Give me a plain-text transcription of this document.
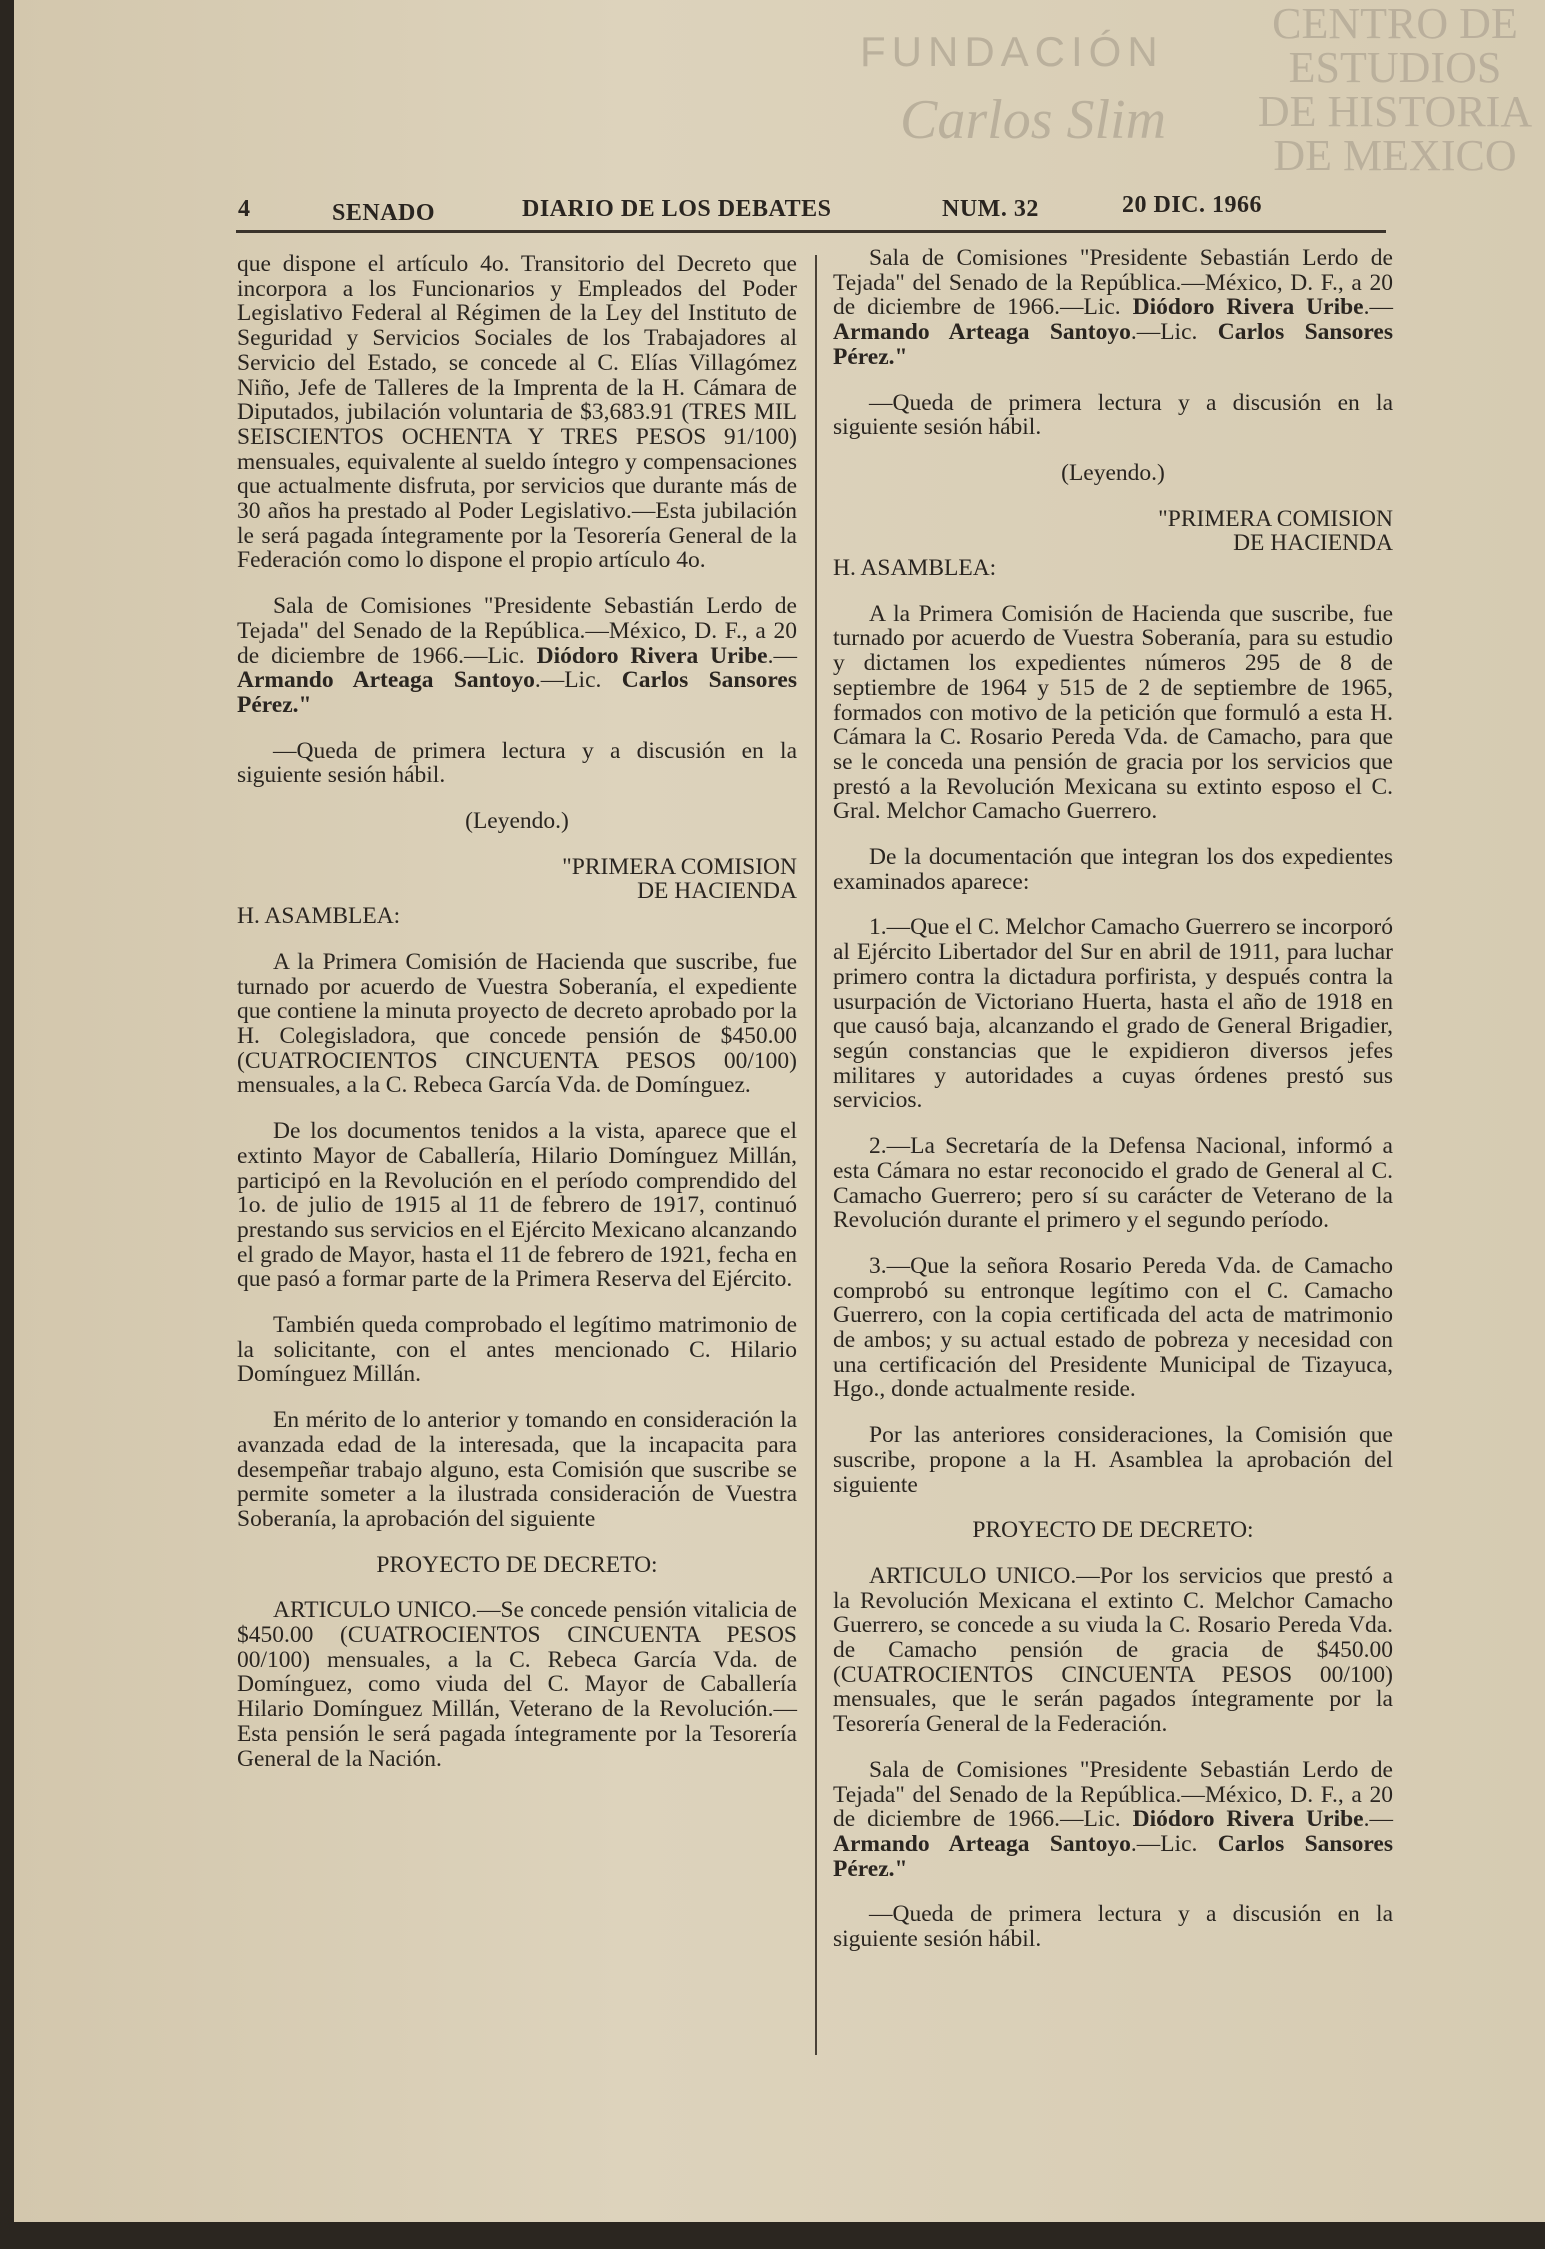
CENTRO DE
ESTUDIOS
DE HISTORIA
DE MEXICO
FUNDACIÓN
Carlos Slim
4	SENADO	DIARIO DE LOS DEBATES	NUM. 32	20 DIC. 1966

que dispone el artículo 4o. Transitorio del Decreto que incorpora a los Funcionarios y Empleados del Poder Legislativo Federal al Régimen de la Ley del Instituto de Seguridad y Servicios Sociales de los Trabajadores al Servicio del Estado, se concede al C. Elías Villagómez Niño, Jefe de Talleres de la Imprenta de la H. Cámara de Diputados, jubilación voluntaria de $3,683.91 (TRES MIL SEISCIENTOS OCHENTA Y TRES PESOS 91/100) mensuales, equivalente al sueldo íntegro y compensaciones que actualmente disfruta, por servicios que durante más de 30 años ha prestado al Poder Legislativo.—Esta jubilación le será pagada íntegramente por la Tesorería General de la Federación como lo dispone el propio artículo 4o.

Sala de Comisiones "Presidente Sebastián Lerdo de Tejada" del Senado de la República.—México, D. F., a 20 de diciembre de 1966.—Lic. Diódoro Rivera Uribe.—Armando Arteaga Santoyo.—Lic. Carlos Sansores Pérez."

—Queda de primera lectura y a discusión en la siguiente sesión hábil.

(Leyendo.)

"PRIMERA COMISION

DE HACIENDA

H. ASAMBLEA:

A la Primera Comisión de Hacienda que suscribe, fue turnado por acuerdo de Vuestra Soberanía, el expediente que contiene la minuta proyecto de decreto aprobado por la H. Colegisladora, que concede pensión de $450.00 (CUATROCIENTOS CINCUENTA PESOS 00/100) mensuales, a la C. Rebeca García Vda. de Domínguez.

De los documentos tenidos a la vista, aparece que el extinto Mayor de Caballería, Hilario Domínguez Millán, participó en la Revolución en el período comprendido del 1o. de julio de 1915 al 11 de febrero de 1917, continuó prestando sus servicios en el Ejército Mexicano alcanzando el grado de Mayor, hasta el 11 de febrero de 1921, fecha en que pasó a formar parte de la Primera Reserva del Ejército.

También queda comprobado el legítimo matrimonio de la solicitante, con el antes mencionado C. Hilario Domínguez Millán.

En mérito de lo anterior y tomando en consideración la avanzada edad de la interesada, que la incapacita para desempeñar trabajo alguno, esta Comisión que suscribe se permite someter a la ilustrada consideración de Vuestra Soberanía, la aprobación del siguiente

PROYECTO DE DECRETO:

ARTICULO UNICO.—Se concede pensión vitalicia de $450.00 (CUATROCIENTOS CINCUENTA PESOS 00/100) mensuales, a la C. Rebeca García Vda. de Domínguez, como viuda del C. Mayor de Caballería Hilario Domínguez Millán, Veterano de la Revolución.—Esta pensión le será pagada íntegramente por la Tesorería General de la Nación.

Sala de Comisiones "Presidente Sebastián Lerdo de Tejada" del Senado de la República.—México, D. F., a 20 de diciembre de 1966.—Lic. Diódoro Rivera Uribe.—Armando Arteaga Santoyo.—Lic. Carlos Sansores Pérez."

—Queda de primera lectura y a discusión en la siguiente sesión hábil.

(Leyendo.)

"PRIMERA COMISION

DE HACIENDA

H. ASAMBLEA:

A la Primera Comisión de Hacienda que suscribe, fue turnado por acuerdo de Vuestra Soberanía, para su estudio y dictamen los expedientes números 295 de 8 de septiembre de 1964 y 515 de 2 de septiembre de 1965, formados con motivo de la petición que formuló a esta H. Cámara la C. Rosario Pereda Vda. de Camacho, para que se le conceda una pensión de gracia por los servicios que prestó a la Revolución Mexicana su extinto esposo el C. Gral. Melchor Camacho Guerrero.

De la documentación que integran los dos expedientes examinados aparece:

1.—Que el C. Melchor Camacho Guerrero se incorporó al Ejército Libertador del Sur en abril de 1911, para luchar primero contra la dictadura porfirista, y después contra la usurpación de Victoriano Huerta, hasta el año de 1918 en que causó baja, alcanzando el grado de General Brigadier, según constancias que le expidieron diversos jefes militares y autoridades a cuyas órdenes prestó sus servicios.

2.—La Secretaría de la Defensa Nacional, informó a esta Cámara no estar reconocido el grado de General al C. Camacho Guerrero; pero sí su carácter de Veterano de la Revolución durante el primero y el segundo período.

3.—Que la señora Rosario Pereda Vda. de Camacho comprobó su entronque legítimo con el C. Camacho Guerrero, con la copia certificada del acta de matrimonio de ambos; y su actual estado de pobreza y necesidad con una certificación del Presidente Municipal de Tizayuca, Hgo., donde actualmente reside.

Por las anteriores consideraciones, la Comisión que suscribe, propone a la H. Asamblea la aprobación del siguiente

PROYECTO DE DECRETO:

ARTICULO UNICO.—Por los servicios que prestó a la Revolución Mexicana el extinto C. Melchor Camacho Guerrero, se concede a su viuda la C. Rosario Pereda Vda. de Camacho pensión de gracia de $450.00 (CUATROCIENTOS CINCUENTA PESOS 00/100) mensuales, que le serán pagados íntegramente por la Tesorería General de la Federación.

Sala de Comisiones "Presidente Sebastián Lerdo de Tejada" del Senado de la República.—México, D. F., a 20 de diciembre de 1966.—Lic. Diódoro Rivera Uribe.—Armando Arteaga Santoyo.—Lic. Carlos Sansores Pérez."

—Queda de primera lectura y a discusión en la siguiente sesión hábil.
